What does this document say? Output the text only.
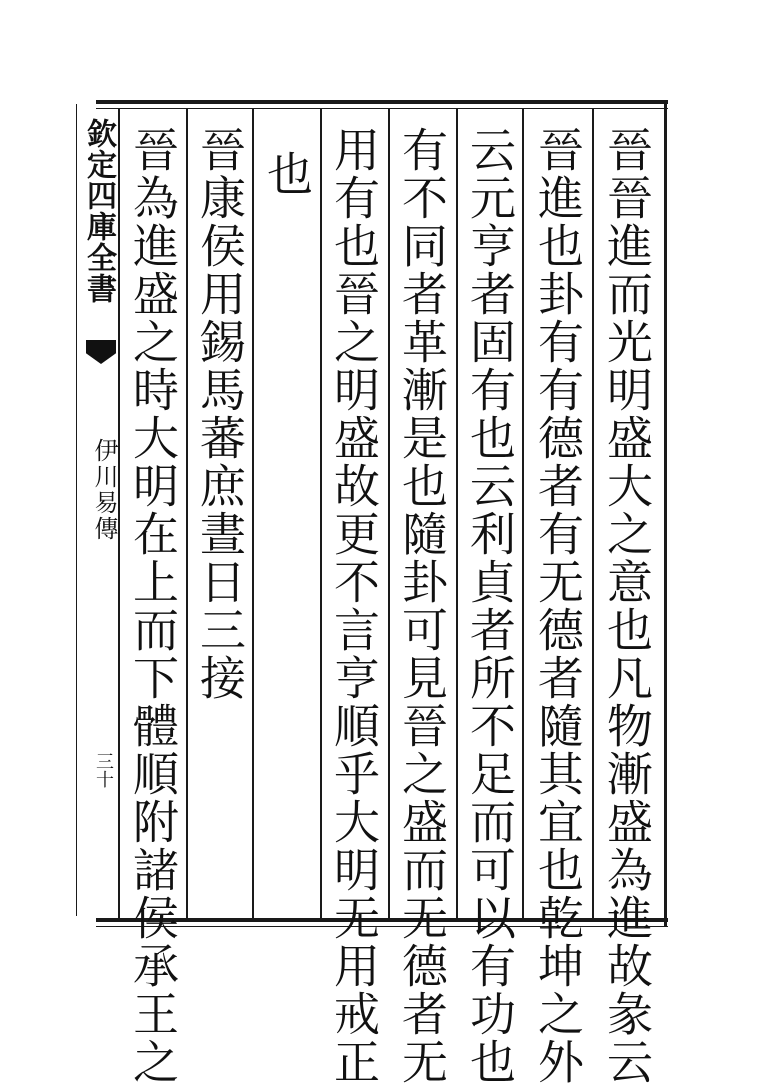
欽定四庫全書
伊川易傳
三十	晉晉進而光明盛大之意也凡物漸盛為進故彖云
晉進也卦有有德者有无德者隨其宜也乾坤之外
云元亨者固有也云利貞者所不足而可以有功也
有不同者革漸是也隨卦可見晉之盛而无德者无
用有也晉之明盛故更不言亨順乎大明无用戒正
也
晉康侯用錫馬蕃庶晝日三接
晉為進盛之時大明在上而下體順附諸侯承王之
